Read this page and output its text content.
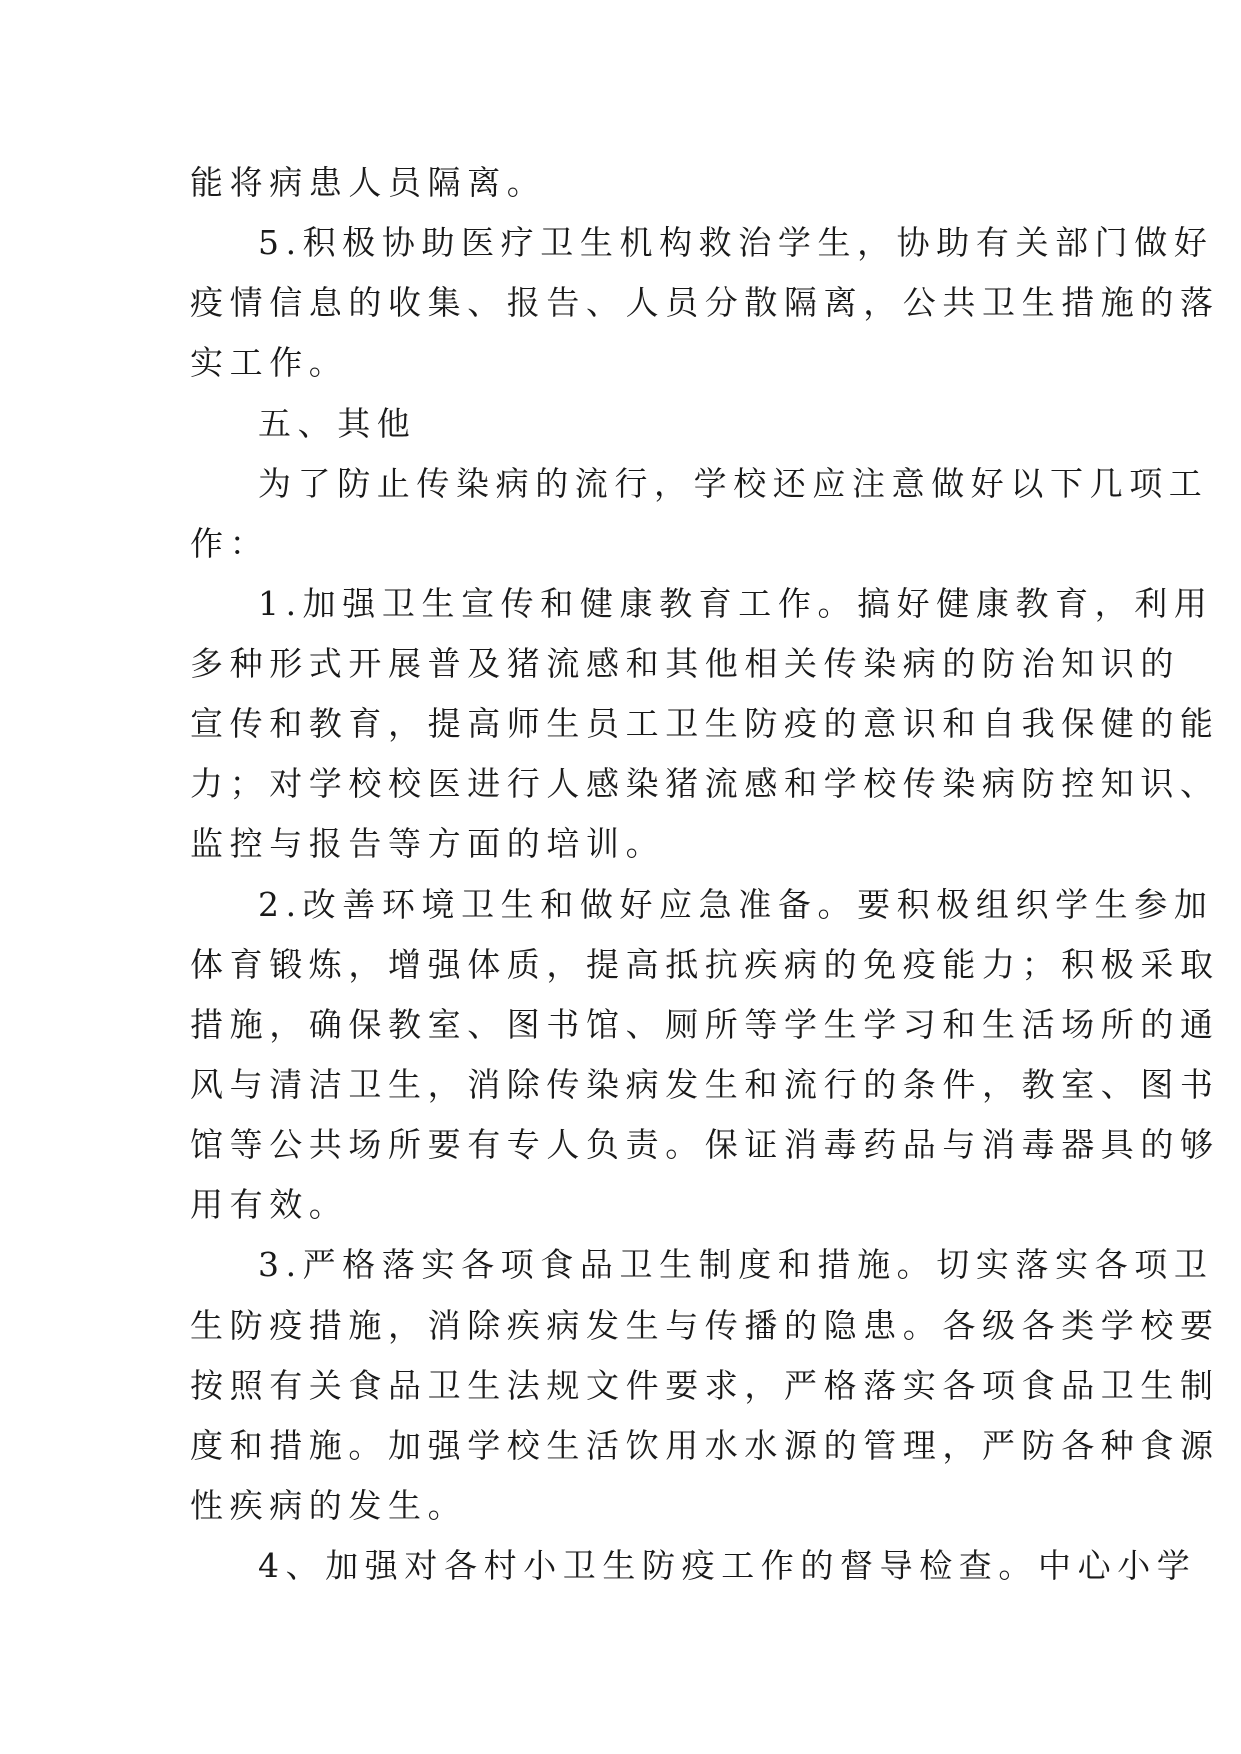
能将病患人员隔离。
5.积极协助医疗卫生机构救治学生，协助有关部门做好
疫情信息的收集、报告、人员分散隔离，公共卫生措施的落
实工作。
五、其他
为了防止传染病的流行，学校还应注意做好以下几项工
作：
1.加强卫生宣传和健康教育工作。搞好健康教育，利用
多种形式开展普及猪流感和其他相关传染病的防治知识的
宣传和教育，提高师生员工卫生防疫的意识和自我保健的能
力；对学校校医进行人感染猪流感和学校传染病防控知识、
监控与报告等方面的培训。
2.改善环境卫生和做好应急准备。要积极组织学生参加
体育锻炼，增强体质，提高抵抗疾病的免疫能力；积极采取
措施，确保教室、图书馆、厕所等学生学习和生活场所的通
风与清洁卫生，消除传染病发生和流行的条件，教室、图书
馆等公共场所要有专人负责。保证消毒药品与消毒器具的够
用有效。
3.严格落实各项食品卫生制度和措施。切实落实各项卫
生防疫措施，消除疾病发生与传播的隐患。各级各类学校要
按照有关食品卫生法规文件要求，严格落实各项食品卫生制
度和措施。加强学校生活饮用水水源的管理，严防各种食源
性疾病的发生。
4、加强对各村小卫生防疫工作的督导检查。中心小学
